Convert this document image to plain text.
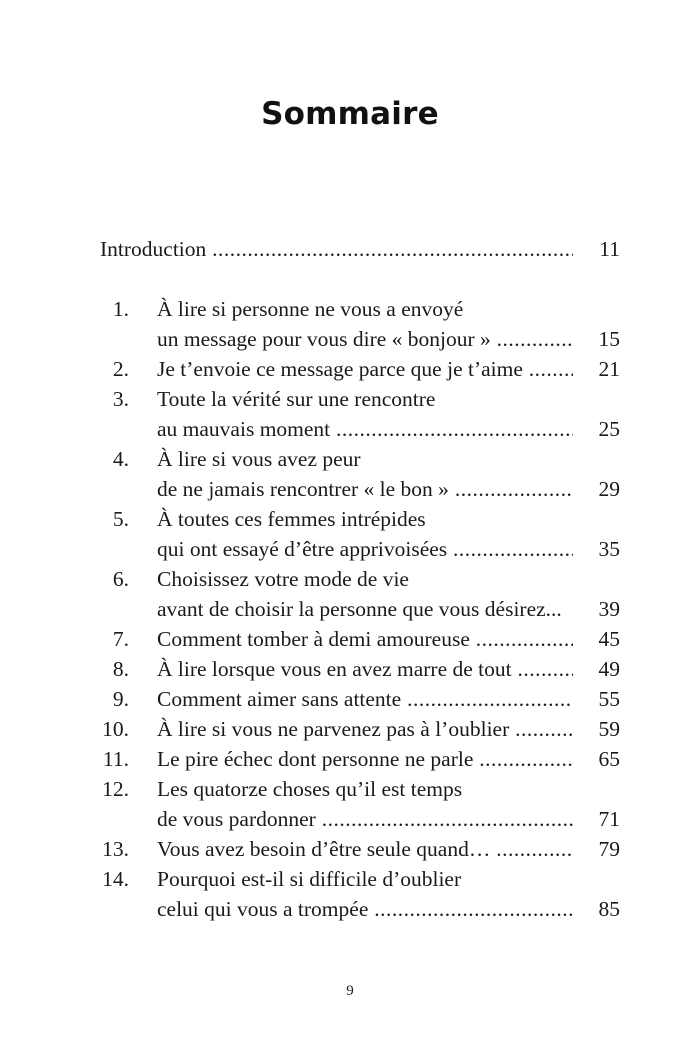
Sommaire
Introduction .....	11
1. À lire si personne ne vous a envoyé
un message pour vous dire « bonjour » .....	15
2. Je t’envoie ce message parce que je t’aime .....	21
3. Toute la vérité sur une rencontre
au mauvais moment .....	25
4. À lire si vous avez peur
de ne jamais rencontrer « le bon » .....	29
5. À toutes ces femmes intrépides
qui ont essayé d’être apprivoisées .....	35
6. Choisissez votre mode de vie
avant de choisir la personne que vous désirez...	39
7. Comment tomber à demi amoureuse .....	45
8. À lire lorsque vous en avez marre de tout .....	49
9. Comment aimer sans attente .....	55
10. À lire si vous ne parvenez pas à l’oublier .....	59
11. Le pire échec dont personne ne parle .....	65
12. Les quatorze choses qu’il est temps
de vous pardonner .....	71
13. Vous avez besoin d’être seule quand… .....	79
14. Pourquoi est-il si difficile d’oublier
celui qui vous a trompée .....	85
9
